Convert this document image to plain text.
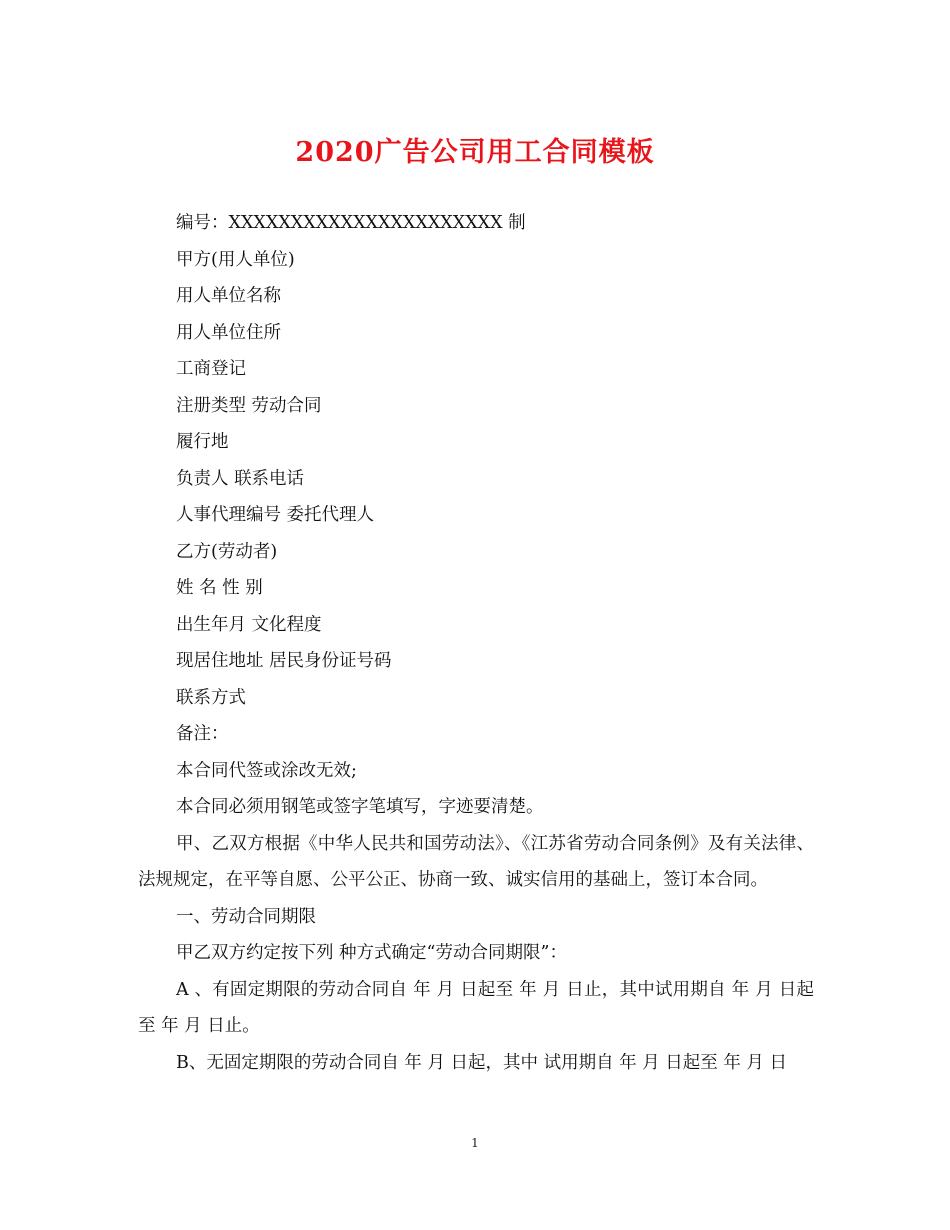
2020广告公司用工合同模板

编号：XXXXXXXXXXXXXXXXXXXXXX 制

甲方(用人单位)

用人单位名称

用人单位住所

工商登记

注册类型 劳动合同

履行地

负责人 联系电话

人事代理编号 委托代理人

乙方(劳动者)

姓 名 性 别

出生年月 文化程度

现居住地址 居民身份证号码

联系方式

备注：

本合同代签或涂改无效;

本合同必须用钢笔或签字笔填写，字迹要清楚。

甲、乙双方根据《中华人民共和国劳动法》、《江苏省劳动合同条例》及有关法律、法规规定，在平等自愿、公平公正、协商一致、诚实信用的基础上，签订本合同。

一、劳动合同期限

甲乙双方约定按下列 种方式确定“劳动合同期限”：

A 、有固定期限的劳动合同自 年 月 日起至 年 月 日止，其中试用期自 年 月 日起至 年 月 日止。

B、无固定期限的劳动合同自 年 月 日起，其中 试用期自 年 月 日起至 年 月 日

1
